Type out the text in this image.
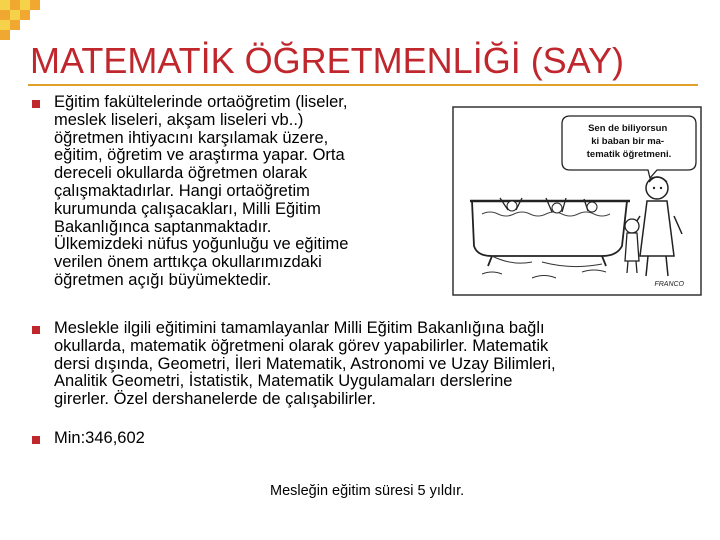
MATEMATİK ÖĞRETMENLİĞİ (SAY)
Eğitim fakültelerinde ortaöğretim (liseler,
meslek liseleri, akşam liseleri vb..)
öğretmen ihtiyacını karşılamak üzere,
eğitim, öğretim ve araştırma yapar. Orta
dereceli okullarda öğretmen olarak
çalışmaktadırlar. Hangi ortaöğretim
kurumunda çalışacakları, Milli Eğitim
Bakanlığınca saptanmaktadır.
Ülkemizdeki nüfus yoğunluğu ve eğitime
verilen önem arttıkça okullarımızdaki
öğretmen açığı büyümektedir.
Sen de biliyorsun ki baban bir ma- tematik öğretmeni.
FRANCO
Meslekle ilgili eğitimini tamamlayanlar Milli Eğitim Bakanlığına bağlı
okullarda, matematik öğretmeni olarak görev yapabilirler. Matematik
dersi dışında, Geometri, İleri Matematik, Astronomi ve Uzay Bilimleri,
Analitik Geometri, İstatistik, Matematik Uygulamaları derslerine
girerler. Özel dershanelerde de çalışabilirler.
Min:346,602
Mesleğin eğitim süresi 5 yıldır.
